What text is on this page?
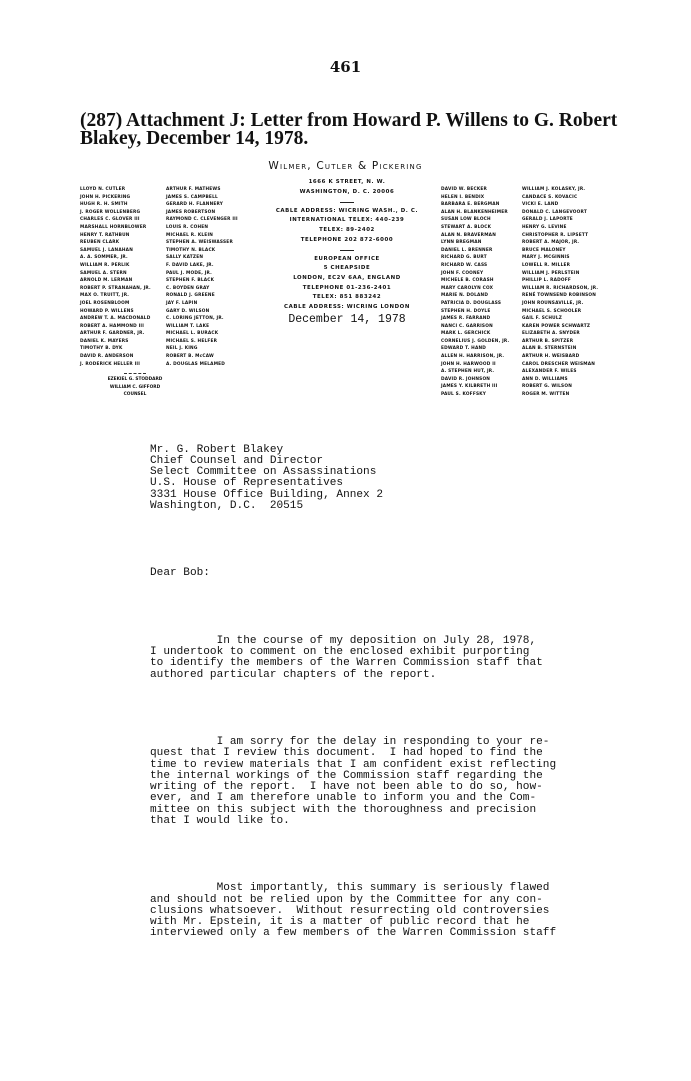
461
(287) Attachment J: Letter from Howard P. Willens to G. Robert Blakey, December 14, 1978.
Wilmer, Cutler & Pickering
1666 K STREET, N. W.
WASHINGTON, D. C. 20006
CABLE ADDRESS: WICRING WASH., D. C.
INTERNATIONAL TELEX: 440-239
TELEX: 89-2402
TELEPHONE 202 872-6000
EUROPEAN OFFICE
5 CHEAPSIDE
LONDON, EC2V 6AA, ENGLAND
TELEPHONE 01-236-2401
TELEX: 851 883242
CABLE ADDRESS: WICRING LONDON
December 14, 1978
LLOYD N. CUTLER
JOHN H. PICKERING
HUGH R. H. SMITH
J. ROGER WOLLENBERG
CHARLES C. GLOVER III
MARSHALL HORNBLOWER
HENRY T. RATHBUN
REUBEN CLARK
SAMUEL J. LANAHAN
A. A. SOMMER, JR.
WILLIAM R. PERLIK
SAMUEL A. STERN
ARNOLD M. LERMAN
ROBERT P. STRANAHAN, JR.
MAX O. TRUITT, JR.
JOEL ROSENBLOOM
HOWARD P. WILLENS
ANDREW T. A. MACDONALD
ROBERT A. HAMMOND III
ARTHUR F. GARDNER, JR.
DANIEL K. MAYERS
TIMOTHY B. DYK
DAVID R. ANDERSON
J. RODERICK HELLER III
ARTHUR F. MATHEWS
JAMES S. CAMPBELL
GERARD H. FLANNERY
JAMES ROBERTSON
RAYMOND C. CLEVENGER III
LOUIS R. COHEN
MICHAEL R. KLEIN
STEPHEN A. WEISWASSER
TIMOTHY N. BLACK
SALLY KATZEN
F. DAVID LAKE, JR.
PAUL J. MODE, JR.
STEPHEN F. BLACK
C. BOYDEN GRAY
RONALD J. GREENE
JAY F. LAPIN
GARY D. WILSON
C. LORING JETTON, JR.
WILLIAM T. LAKE
MICHAEL L. BURACK
MICHAEL S. HELFER
NEIL J. KING
ROBERT B. McCAW
A. DOUGLAS MELAMED
EZEKIEL G. STODDARD
WILLIAM C. GIFFORD
COUNSEL
DAVID W. BECKER
HELEN I. BENDIX
BARBARA E. BERGMAN
ALAN H. BLANKENHEIMER
SUSAN LOW BLOCH
STEWART A. BLOCK
ALAN N. BRAVERMAN
LYNN BREGMAN
DANIEL L. BRENNER
RICHARD G. BURT
RICHARD W. CASS
JOHN F. COONEY
MICHELE B. CORASH
MARY CAROLYN COX
MARIE N. DOLAND
PATRICIA D. DOUGLASS
STEPHEN H. DOYLE
JAMES R. FARRAND
NANCI C. GARRISON
MARK L. GERCHICK
CORNELIUS J. GOLDEN, JR.
EDWARD T. HAND
ALLEN H. HARRISON, JR.
JOHN H. HARWOOD II
A. STEPHEN HUT, JR.
DAVID R. JOHNSON
JAMES Y. KILBRETH III
PAUL S. KOFFSKY
WILLIAM J. KOLASKY, JR.
CANDACE S. KOVACIC
VICKI E. LAND
DONALD C. LANGEVOORT
GERALD J. LAPORTE
HENRY G. LEVINE
CHRISTOPHER R. LIPSETT
ROBERT A. MAJOR, JR.
BRUCE MALONEY
MARY J. MCGINNIS
LOWELL R. MILLER
WILLIAM J. PERLSTEIN
PHILLIP L. RADOFF
WILLIAM R. RICHARDSON, JR.
RENÉ TOWNSEND ROBINSON
JOHN ROUNSAVILLE, JR.
MICHAEL S. SCHOOLER
GAIL F. SCHULZ
KAREN POWER SCHWARTZ
ELIZABETH A. SNYDER
ARTHUR B. SPITZER
ALAN B. STERNSTEIN
ARTHUR H. WEISBARD
CAROL DRESCHER WEISMAN
ALEXANDER F. WILES
ANN D. WILLIAMS
ROBERT G. WILSON
ROGER M. WITTEN

Mr. G. Robert Blakey
Chief Counsel and Director
Select Committee on Assassinations
U.S. House of Representatives
3331 House Office Building, Annex 2
Washington, D.C.  20515

Dear Bob:

In the course of my deposition on July 28, 1978,
I undertook to comment on the enclosed exhibit purporting
to identify the members of the Warren Commission staff that
authored particular chapters of the report.

I am sorry for the delay in responding to your re-
quest that I review this document.  I had hoped to find the
time to review materials that I am confident exist reflecting
the internal workings of the Commission staff regarding the
writing of the report.  I have not been able to do so, how-
ever, and I am therefore unable to inform you and the Com-
mittee on this subject with the thoroughness and precision
that I would like to.

Most importantly, this summary is seriously flawed
and should not be relied upon by the Committee for any con-
clusions whatsoever.  Without resurrecting old controversies
with Mr. Epstein, it is a matter of public record that he
interviewed only a few members of the Warren Commission staff
